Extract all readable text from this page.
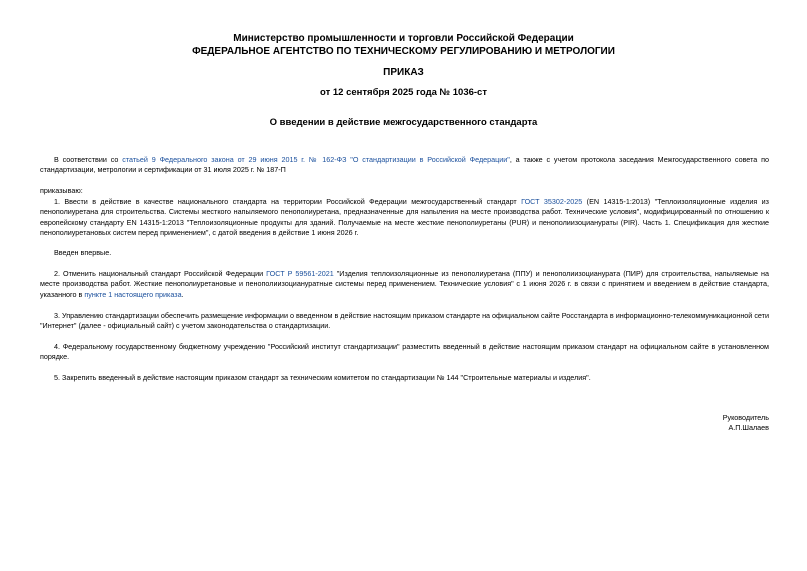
Министерство промышленности и торговли Российской Федерации
ФЕДЕРАЛЬНОЕ АГЕНТСТВО ПО ТЕХНИЧЕСКОМУ РЕГУЛИРОВАНИЮ И МЕТРОЛОГИИ
ПРИКАЗ
от 12 сентября 2025 года № 1036-ст
О введении в действие межгосударственного стандарта
В соответствии со статьей 9 Федерального закона от 29 июня 2015 г. № 162-ФЗ "О стандартизации в Российской Федерации", а также с учетом протокола заседания Межгосударственного совета по стандартизации, метрологии и сертификации от 31 июля 2025 г. № 187-П
приказываю:
1. Ввести в действие в качестве национального стандарта на территории Российской Федерации межгосударственный стандарт ГОСТ 35302-2025 (EN 14315-1:2013) "Теплоизоляционные изделия из пенополиуретана для строительства. Системы жесткого напыляемого пенополиуретана, предназначенные для напыления на месте производства работ. Технические условия", модифицированный по отношению к европейскому стандарту EN 14315-1:2013 "Теплоизоляционные продукты для зданий. Получаемые на месте жесткие пенополиуретаны (PUR) и пенополиизоцианураты (PIR). Часть 1. Спецификация для жесткие пенополиуретановых систем перед применением", с датой введения в действие 1 июня 2026 г.
Введен впервые.
2. Отменить национальный стандарт Российской Федерации ГОСТ Р 59561-2021 "Изделия теплоизоляционные из пенополиуретана (ППУ) и пенополиизоцианурата (ПИР) для строительства, напыляемые на месте производства работ. Жесткие пенополиуретановые и пенополиизоциануратные системы перед применением. Технические условия" с 1 июня 2026 г. в связи с принятием и введением в действие стандарта, указанного в пункте 1 настоящего приказа.
3. Управлению стандартизации обеспечить размещение информации о введенном в действие настоящим приказом стандарте на официальном сайте Росстандарта в информационно-телекоммуникационной сети "Интернет" (далее - официальный сайт) с учетом законодательства о стандартизации.
4. Федеральному государственному бюджетному учреждению "Российский институт стандартизации" разместить введенный в действие настоящим приказом стандарт на официальном сайте в установленном порядке.
5. Закрепить введенный в действие настоящим приказом стандарт за техническим комитетом по стандартизации № 144 "Строительные материалы и изделия".
Руководитель
А.П.Шалаев
